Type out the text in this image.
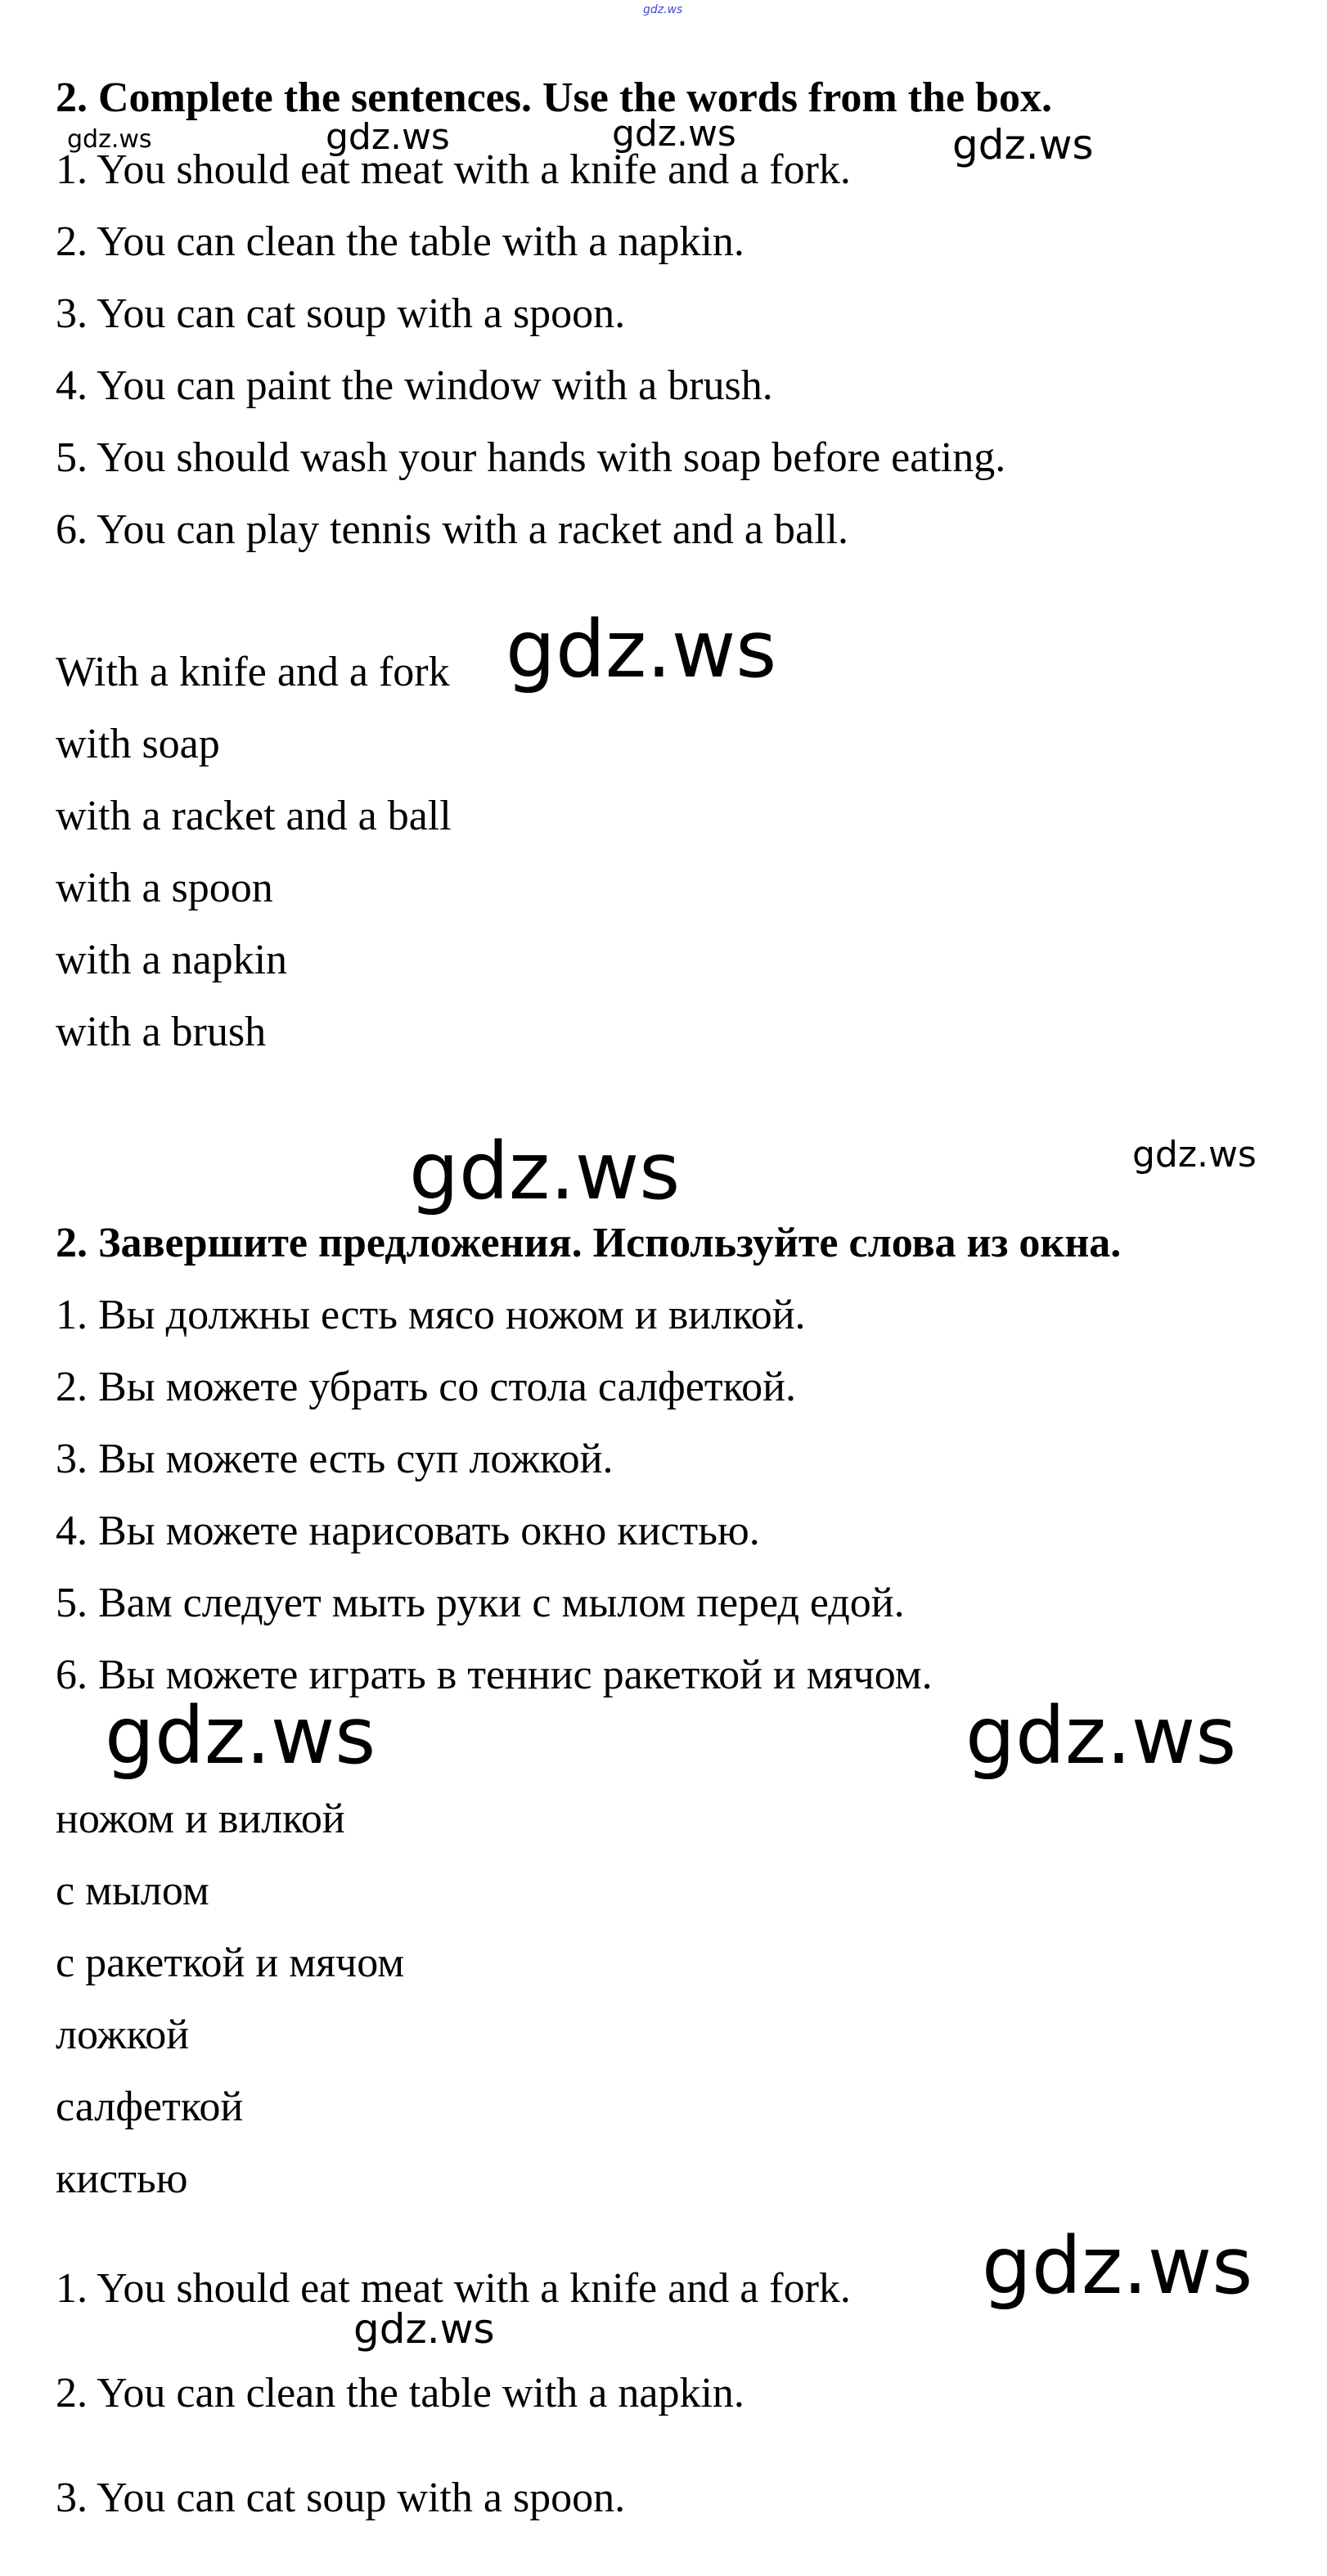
gdz.ws
2. Complete the sentences. Use the words from the box.
1. You should eat meat with a knife and a fork.
2. You can clean the table with a napkin.
3. You can cat soup with a spoon.
4. You can paint the window with a brush.
5. You should wash your hands with soap before eating.
6. You can play tennis with a racket and a ball.
With a knife and a fork
with soap
with a racket and a ball
with a spoon
with a napkin
with a brush
2. Завершите предложения. Используйте слова из окна.
1. Вы должны есть мясо ножом и вилкой.
2. Вы можете убрать со стола салфеткой.
3. Вы можете есть суп ложкой.
4. Вы можете нарисовать окно кистью.
5. Вам следует мыть руки с мылом перед едой.
6. Вы можете играть в теннис ракеткой и мячом.
ножом и вилкой
с мылом
с ракеткой и мячом
ложкой
салфеткой
кистью
1. You should eat meat with a knife and a fork.
2. You can clean the table with a napkin.
3. You can cat soup with a spoon.
gdz.ws	gdz.ws	gdz.ws	gdz.ws
gdz.ws
gdz.ws	gdz.ws
gdz.ws	gdz.ws
gdz.ws
gdz.ws
